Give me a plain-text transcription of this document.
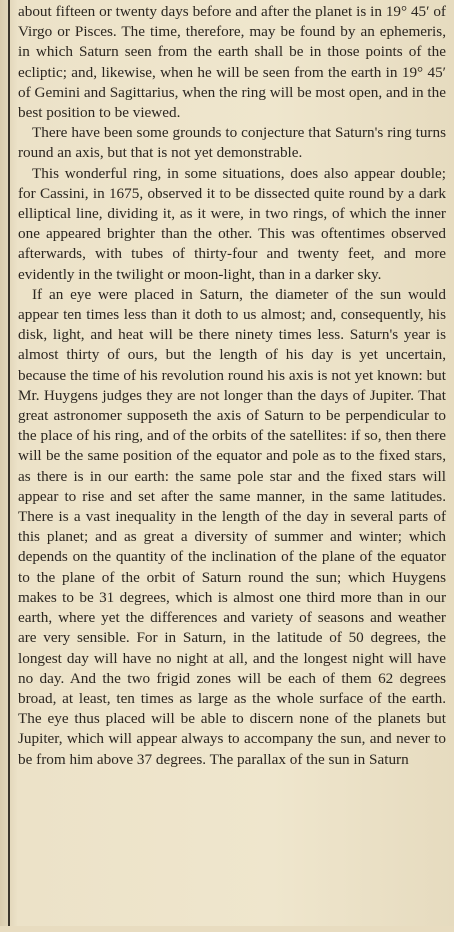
about fifteen or twenty days before and after the planet is in 19° 45′ of Virgo or Pisces. The time, therefore, may be found by an ephemeris, in which Saturn seen from the earth shall be in those points of the ecliptic; and, likewise, when he will be seen from the earth in 19° 45′ of Gemini and Sagittarius, when the ring will be most open, and in the best position to be viewed.

There have been some grounds to conjecture that Saturn's ring turns round an axis, but that is not yet demonstrable.

This wonderful ring, in some situations, does also appear double; for Cassini, in 1675, observed it to be dissected quite round by a dark elliptical line, dividing it, as it were, in two rings, of which the inner one appeared brighter than the other. This was oftentimes observed afterwards, with tubes of thirty-four and twenty feet, and more evidently in the twilight or moon-light, than in a darker sky.

If an eye were placed in Saturn, the diameter of the sun would appear ten times less than it doth to us almost; and, consequently, his disk, light, and heat will be there ninety times less. Saturn's year is almost thirty of ours, but the length of his day is yet uncertain, because the time of his revolution round his axis is not yet known: but Mr. Huygens judges they are not longer than the days of Jupiter. That great astronomer supposeth the axis of Saturn to be perpendicular to the place of his ring, and of the orbits of the satellites: if so, then there will be the same position of the equator and pole as to the fixed stars, as there is in our earth: the same pole star and the fixed stars will appear to rise and set after the same manner, in the same latitudes. There is a vast inequality in the length of the day in several parts of this planet; and as great a diversity of summer and winter; which depends on the quantity of the inclination of the plane of the equator to the plane of the orbit of Saturn round the sun; which Huygens makes to be 31 degrees, which is almost one third more than in our earth, where yet the differences and variety of seasons and weather are very sensible. For in Saturn, in the latitude of 50 degrees, the longest day will have no night at all, and the longest night will have no day. And the two frigid zones will be each of them 62 degrees broad, at least, ten times as large as the whole surface of the earth. The eye thus placed will be able to discern none of the planets but Jupiter, which will appear always to accompany the sun, and never to be from him above 37 degrees. The parallax of the sun in Saturn
